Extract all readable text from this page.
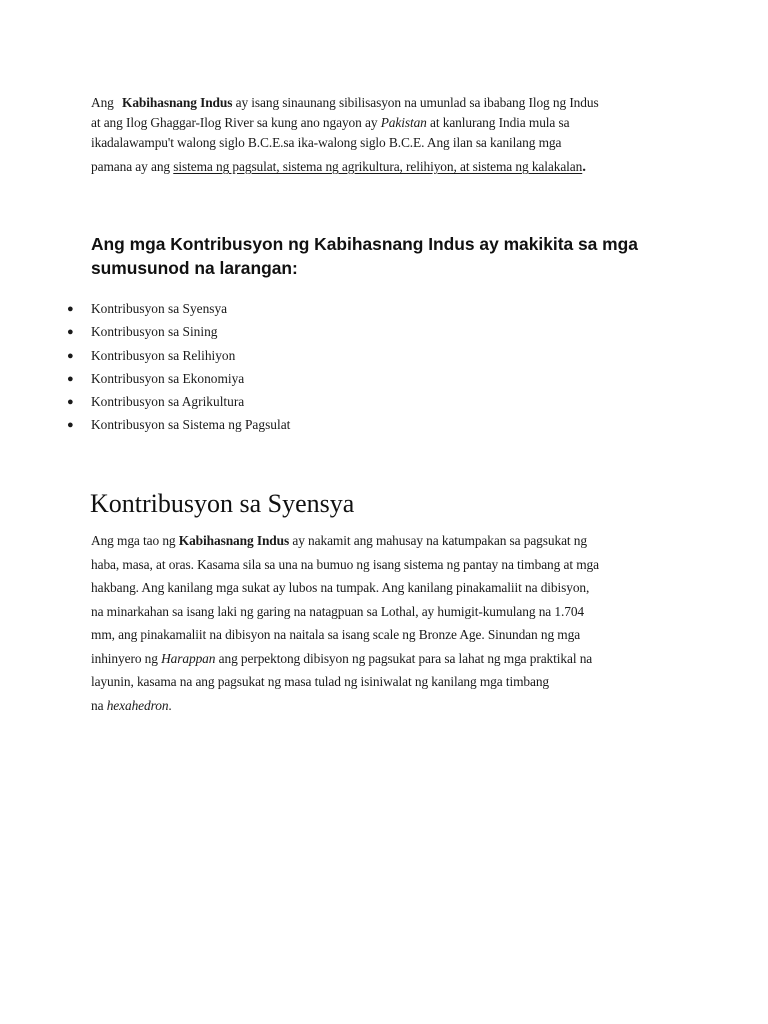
Ang Kabihasnang Indus ay isang sinaunang sibilisasyon na umunlad sa ibabang Ilog ng Indus
at ang Ilog Ghaggar-Ilog River sa kung ano ngayon ay Pakistan at kanlurang India mula sa
ikadalawampu't walong siglo B.C.E.sa ika-walong siglo B.C.E. Ang ilan sa kanilang mga
pamana ay ang sistema ng pagsulat, sistema ng agrikultura, relihiyon, at sistema ng kalakalan.

Ang mga Kontribusyon ng Kabihasnang Indus ay makikita sa mga
sumusunod na larangan:
● Kontribusyon sa Syensya
● Kontribusyon sa Sining
● Kontribusyon sa Relihiyon
● Kontribusyon sa Ekonomiya
● Kontribusyon sa Agrikultura
● Kontribusyon sa Sistema ng Pagsulat
Kontribusyon sa Syensya

Ang mga tao ng Kabihasnang Indus ay nakamit ang mahusay na katumpakan sa pagsukat ng
haba, masa, at oras. Kasama sila sa una na bumuo ng isang sistema ng pantay na timbang at mga
hakbang. Ang kanilang mga sukat ay lubos na tumpak. Ang kanilang pinakamaliit na dibisyon,
na minarkahan sa isang laki ng garing na natagpuan sa Lothal, ay humigit-kumulang na 1.704
mm, ang pinakamaliit na dibisyon na naitala sa isang scale ng Bronze Age. Sinundan ng mga
inhinyero ng Harappan ang perpektong dibisyon ng pagsukat para sa lahat ng mga praktikal na
layunin, kasama na ang pagsukat ng masa tulad ng isiniwalat ng kanilang mga timbang
na hexahedron.
